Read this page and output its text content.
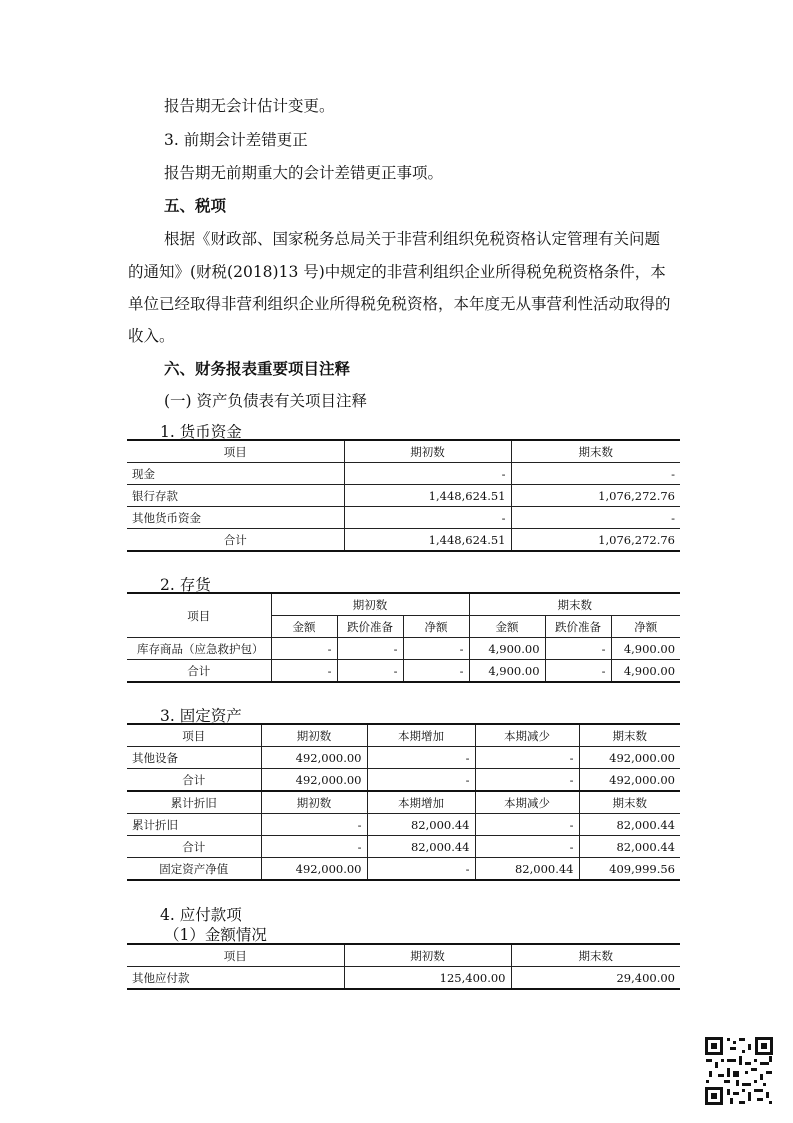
报告期无会计估计变更。
3. 前期会计差错更正
报告期无前期重大的会计差错更正事项。
五、税项
根据《财政部、国家税务总局关于非营利组织免税资格认定管理有关问题
的通知》(财税(2018)13 号)中规定的非营利组织企业所得税免税资格条件，本
单位已经取得非营利组织企业所得税免税资格，本年度无从事营利性活动取得的
收入。
六、财务报表重要项目注释
(一) 资产负债表有关项目注释
1. 货币资金
项目	期初数	期末数
现金	-	-
银行存款	1,448,624.51	1,076,272.76
其他货币资金	-	-
合计	1,448,624.51	1,076,272.76
2. 存货
项目	期初数			期末数		
	金额	跌价准备	净额	金额	跌价准备	净额
库存商品（应急救护包）	-	-	-	4,900.00	-	4,900.00
合计	-	-	-	4,900.00	-	4,900.00
3. 固定资产
项目	期初数	本期增加	本期减少	期末数
其他设备	492,000.00	-	-	492,000.00
合计	492,000.00	-	-	492,000.00
累计折旧	期初数	本期增加	本期减少	期末数
累计折旧	-	82,000.44	-	82,000.44
合计	-	82,000.44	-	82,000.44
固定资产净值	492,000.00	-	82,000.44	409,999.56
4. 应付款项
（1）金额情况
项目	期初数	期末数
其他应付款	125,400.00	29,400.00
